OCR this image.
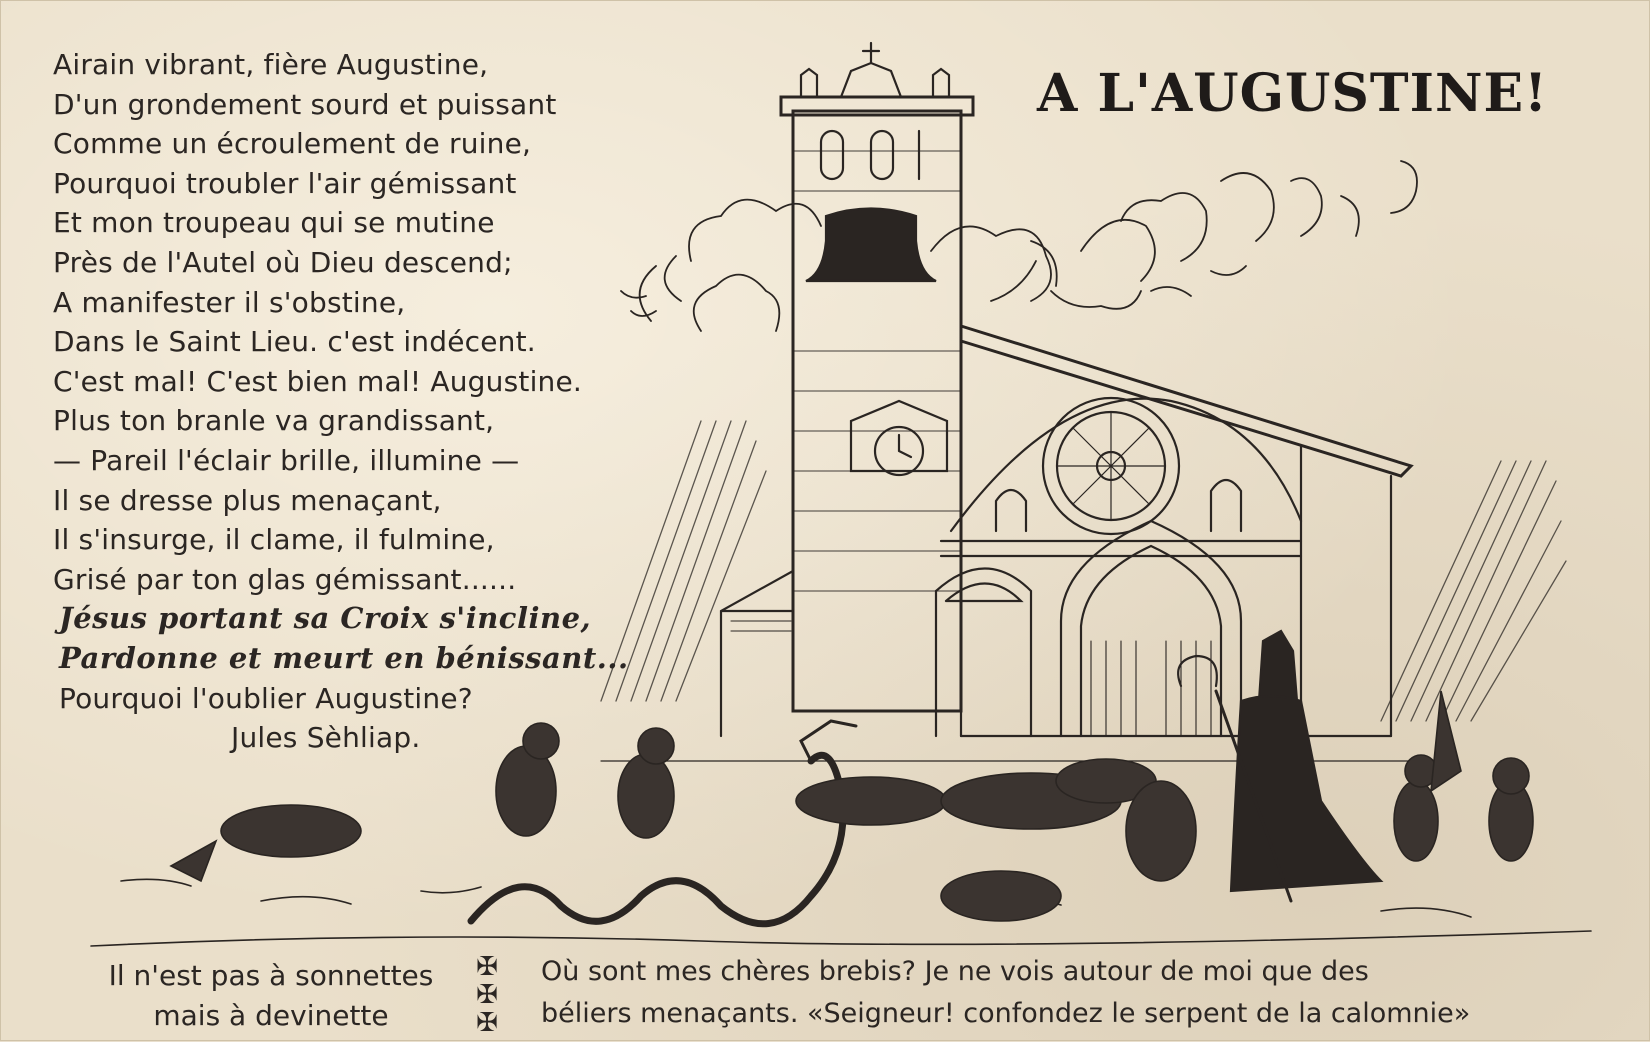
Airain vibrant, fière Augustine,
D'un grondement sourd et puissant
Comme un écroulement de ruine,
Pourquoi troubler l'air gémissant
Et mon troupeau qui se mutine
Près de l'Autel où Dieu descend;
A manifester il s'obstine,
Dans le Saint Lieu. c'est indécent.
C'est mal! C'est bien mal! Augustine.
Plus ton branle va grandissant,
— Pareil l'éclair brille, illumine —
Il se dresse plus menaçant,
Il s'insurge, il clame, il fulmine,
Grisé par ton glas gémissant......
Jésus portant sa Croix s'incline,
Pardonne et meurt en bénissant...
Pourquoi l'oublier Augustine?
Jules Sèhliap.
A L'AUGUSTINE!
Il n'est pas à sonnettes
mais à devinette
✠
✠
✠
Où sont mes chères brebis? Je ne vois autour de moi que des
béliers menaçants. «Seigneur! confondez le serpent de la calomnie»
